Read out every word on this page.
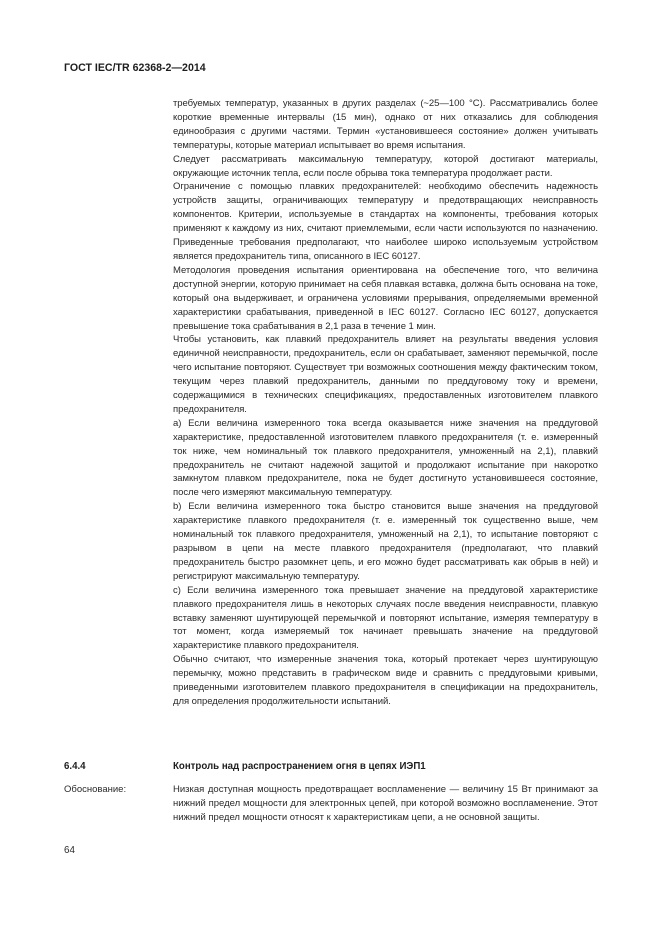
ГОСТ IEC/TR 62368-2—2014

требуемых температур, указанных в других разделах (~25—100 °С). Рассматривались более короткие временные интервалы (15 мин), однако от них отказались для соблюдения единообразия с другими частями. Термин «установившееся состояние» должен учитывать температуры, которые материал испытывает во время испытания.

Следует рассматривать максимальную температуру, которой достигают материалы, окружающие источник тепла, если после обрыва тока температура продолжает расти.

Ограничение с помощью плавких предохранителей: необходимо обеспечить надежность устройств защиты, ограничивающих температуру и предотвращающих неисправность компонентов. Критерии, используемые в стандартах на компоненты, требования которых применяют к каждому из них, считают приемлемыми, если части используются по назначению. Приведенные требования предполагают, что наиболее широко используемым устройством является предохранитель типа, описанного в IEC 60127.

Методология проведения испытания ориентирована на обеспечение того, что величина доступной энергии, которую принимает на себя плавкая вставка, должна быть основана на токе, который она выдерживает, и ограничена условиями прерывания, определяемыми временной характеристики срабатывания, приведенной в IEC 60127. Согласно IEC 60127, допускается превышение тока срабатывания в 2,1 раза в течение 1 мин.

Чтобы установить, как плавкий предохранитель влияет на результаты введения условия единичной неисправности, предохранитель, если он срабатывает, заменяют перемычкой, после чего испытание повторяют. Существует три возможных соотношения между фактическим током, текущим через плавкий предохранитель, данными по преддуговому току и времени, содержащимися в технических спецификациях, предоставленных изготовителем плавкого предохранителя.

a) Если величина измеренного тока всегда оказывается ниже значения на преддуговой характеристике, предоставленной изготовителем плавкого предохранителя (т. е. измеренный ток ниже, чем номинальный ток плавкого предохранителя, умноженный на 2,1), плавкий предохранитель не считают надежной защитой и продолжают испытание при накоротко замкнутом плавком предохранителе, пока не будет достигнуто установившееся состояние, после чего измеряют максимальную температуру.

b) Если величина измеренного тока быстро становится выше значения на преддуговой характеристике плавкого предохранителя (т. е. измеренный ток существенно выше, чем номинальный ток плавкого предохранителя, умноженный на 2,1), то испытание повторяют с разрывом в цепи на месте плавкого предохранителя (предполагают, что плавкий предохранитель быстро разомкнет цепь, и его можно будет рассматривать как обрыв в ней) и регистрируют максимальную температуру.

c) Если величина измеренного тока превышает значение на преддуговой характеристике плавкого предохранителя лишь в некоторых случаях после введения неисправности, плавкую вставку заменяют шунтирующей перемычкой и повторяют испытание, измеряя температуру в тот момент, когда измеряемый ток начинает превышать значение на преддуговой характеристике плавкого предохранителя.

Обычно считают, что измеренные значения тока, который протекает через шунтирующую перемычку, можно представить в графическом виде и сравнить с преддуговыми кривыми, приведенными изготовителем плавкого предохранителя в спецификации на предохранитель, для определения продолжительности испытаний.

6.4.4	Контроль над распространением огня в цепях ИЭП1
Обоснование:	Низкая доступная мощность предотвращает воспламенение — величину 15 Вт принимают за нижний предел мощности для электронных цепей, при которой возможно воспламенение. Этот нижний предел мощности относят к характеристикам цепи, а не основной защиты.

64
